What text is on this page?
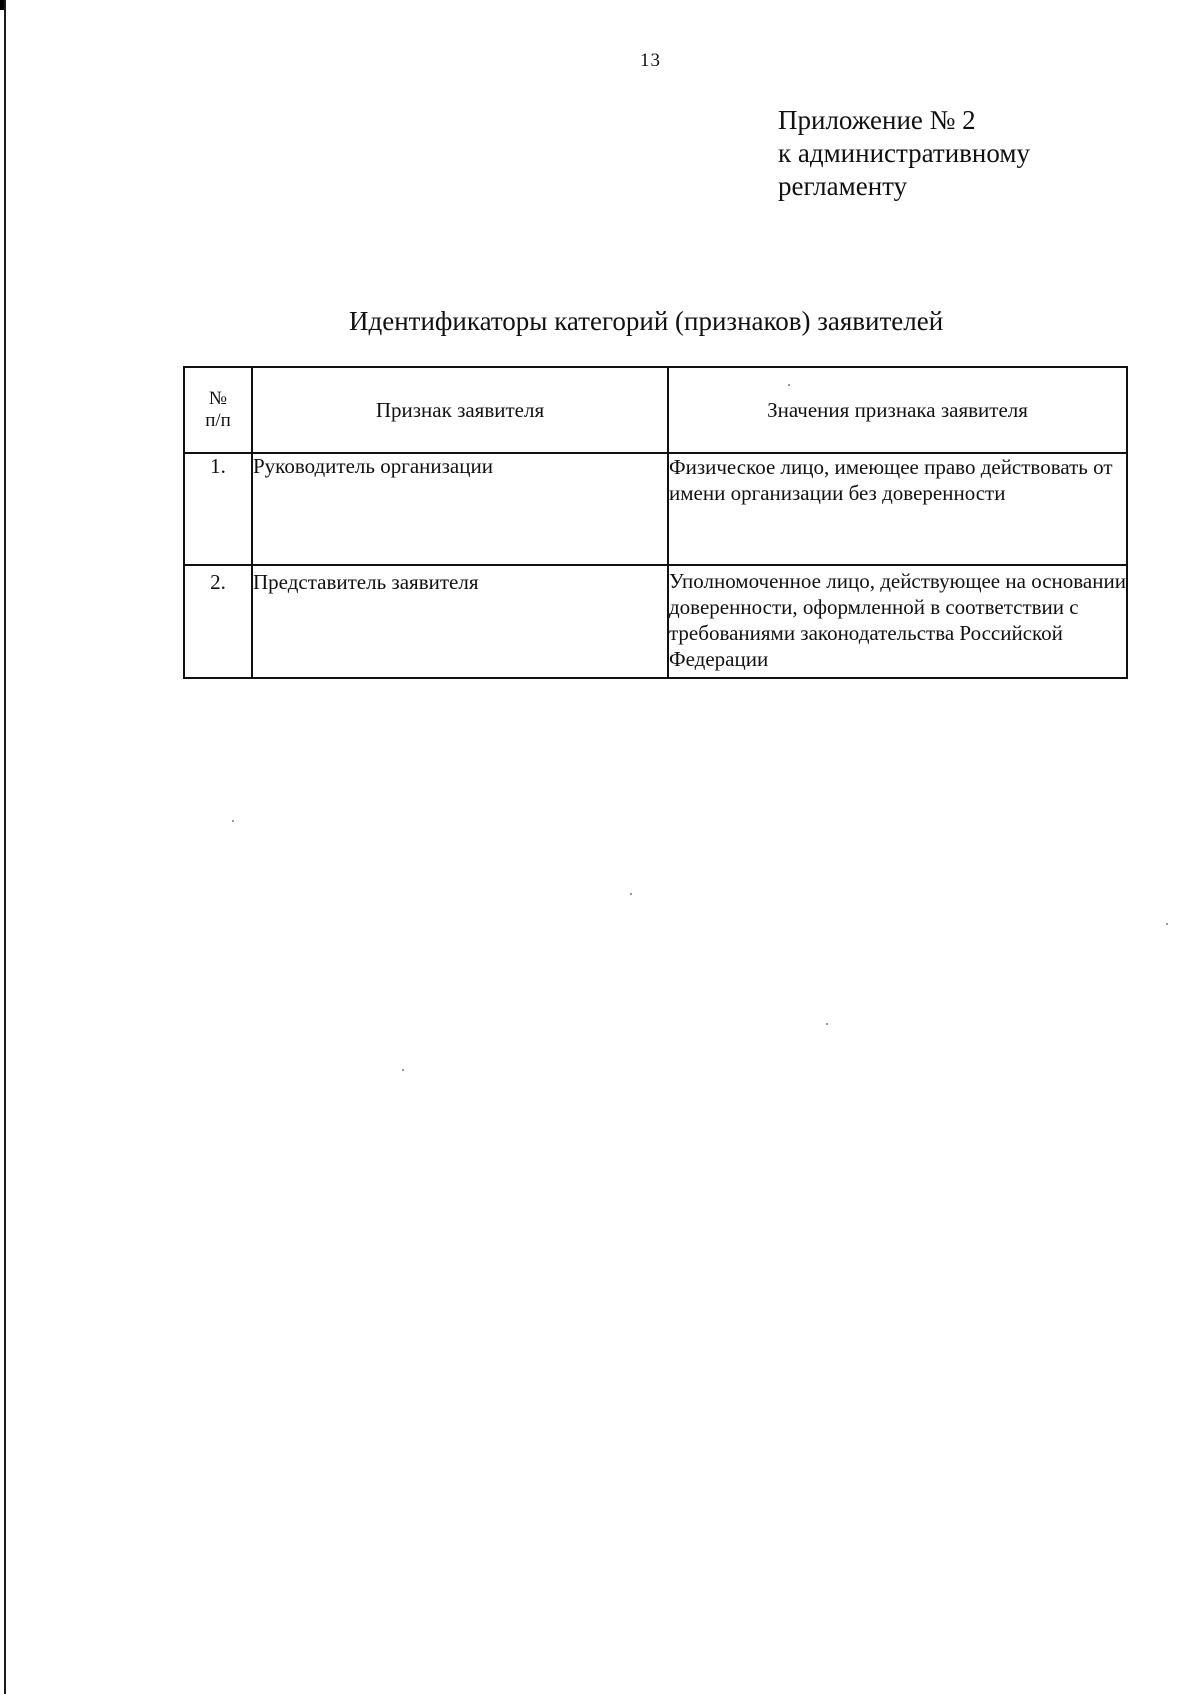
13
Приложение № 2
к административному
регламенту
Идентификаторы категорий (признаков) заявителей
№
п/п	Признак заявителя	Значения признака заявителя
1.	Руководитель организации	Физическое лицо, имеющее право действовать от имени организации без доверенности
2.	Представитель заявителя	Уполномоченное лицо, действующее на основании доверенности, оформленной в соответствии с требованиями законодательства Российской Федерации
